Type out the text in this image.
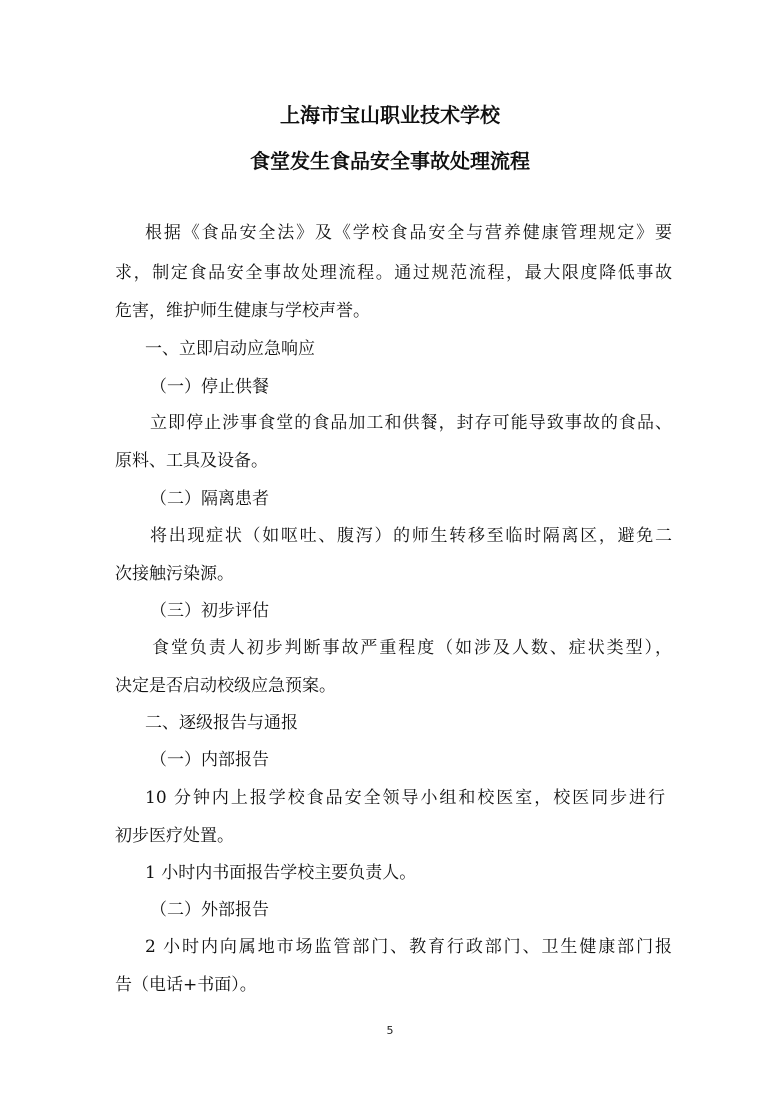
上海市宝山职业技术学校
食堂发生食品安全事故处理流程
根据《食品安全法》及《学校食品安全与营养健康管理规定》要
求，制定食品安全事故处理流程。通过规范流程，最大限度降低事故
危害，维护师生健康与学校声誉。
一、立即启动应急响应
（一）停止供餐
立即停止涉事食堂的食品加工和供餐，封存可能导致事故的食品、
原料、工具及设备。
（二）隔离患者
将出现症状（如呕吐、腹泻）的师生转移至临时隔离区，避免二
次接触污染源。
（三）初步评估
食堂负责人初步判断事故严重程度（如涉及人数、症状类型），
决定是否启动校级应急预案。
二、逐级报告与通报
（一）内部报告
10 分钟内上报学校食品安全领导小组和校医室，校医同步进行
初步医疗处置。
1 小时内书面报告学校主要负责人。
（二）外部报告
2 小时内向属地市场监管部门、教育行政部门、卫生健康部门报
告（电话+书面）。
5
